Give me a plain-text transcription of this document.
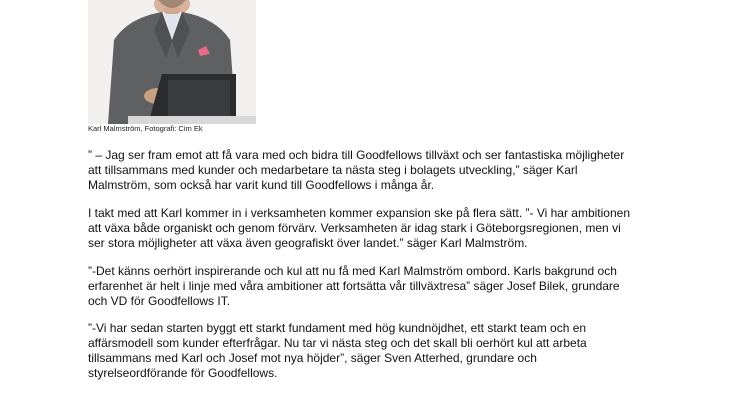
Karl Malmström, Fotografi: Cim Ek
” – Jag ser fram emot att få vara med och bidra till Goodfellows tillväxt och ser fantastiska möjligheter
att tillsammans med kunder och medarbetare ta nästa steg i bolagets utveckling,” säger Karl
Malmström, som också har varit kund till Goodfellows i många år.
I takt med att Karl kommer in i verksamheten kommer expansion ske på flera sätt. ”- Vi har ambitionen
att växa både organiskt och genom förvärv. Verksamheten är idag stark i Göteborgsregionen, men vi
ser stora möjligheter att växa även geografiskt över landet.” säger Karl Malmström.
”-Det känns oerhört inspirerande och kul att nu få med Karl Malmström ombord. Karls bakgrund och
erfarenhet är helt i linje med våra ambitioner att fortsätta vår tillväxtresa” säger Josef Bilek, grundare
och VD för Goodfellows IT.
”-Vi har sedan starten byggt ett starkt fundament med hög kundnöjdhet, ett starkt team och en
affärsmodell som kunder efterfrågar. Nu tar vi nästa steg och det skall bli oerhört kul att arbeta
tillsammans med Karl och Josef mot nya höjder”, säger Sven Atterhed, grundare och
styrelseordförande för Goodfellows.
